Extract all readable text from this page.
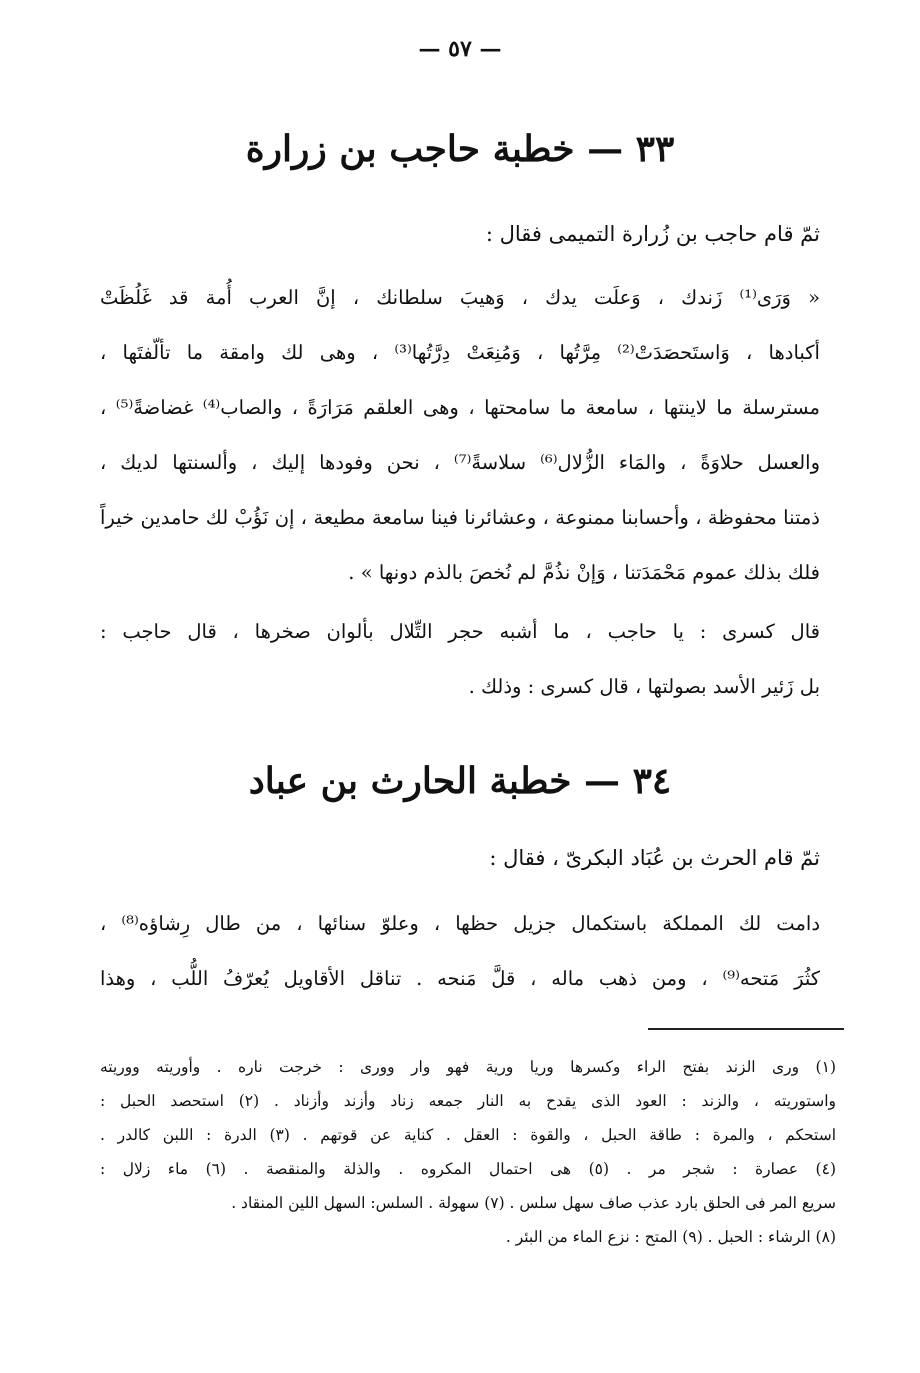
— ٥٧ —
٣٣ — خطبة حاجب بن زرارة
ثمّ قام حاجب بن زُرارة التميمى فقال :
« وَرَى⁽¹⁾ زَندك ، وَعلَت يدك ، وَهيبَ سلطانك ، إنَّ العرب أُمة قد غَلُظَتْ
أكبادها ، وَاستَحصَدَتْ⁽²⁾ مِرَّتُها ، وَمُنِعَتْ دِرَّتُها⁽³⁾ ، وهى لك وامقة ما تألّفتَها ،
مسترسلة ما لاينتها ، سامعة ما سامحتها ، وهى العلقم مَرَارَةً ، والصاب⁽⁴⁾ غضاضةً⁽⁵⁾ ،
والعسل حلاوَةً ، والمَاء الزُّلال⁽⁶⁾ سلاسةً⁽⁷⁾ ، نحن وفودها إليك ، وألسنتها لديك ،
ذمتنا محفوظة ، وأحسابنا ممنوعة ، وعشائرنا فينا سامعة مطيعة ، إن نَؤُبْ لك حامدين خيراً
فلك بذلك عموم مَحْمَدَتنا ، وَإنْ نذُمَّ لم نُخصَ بالذم دونها » .
قال كسرى : يا حاجب ، ما أشبه حجر التِّلال بألوان صخرها ، قال حاجب :
بل زَئير الأسد بصولتها ، قال كسرى : وذلك .
٣٤ — خطبة الحارث بن عباد
ثمّ قام الحرث بن عُبَاد البكرىّ ، فقال :
دامت لك المملكة باستكمال جزيل حظها ، وعلوّ سنائها ، من طال رِشاؤه⁽⁸⁾ ،
كثُرَ مَتحه⁽⁹⁾ ، ومن ذهب ماله ، قلَّ مَنحه . تناقل الأقاويل يُعرّفُ اللُّب ، وهذا
(١) ورى الزند بفتح الراء وكسرها وريا ورية فهو وار وورى : خرجت ناره . وأوريته ووريته
واستوريته ، والزند : العود الذى يقدح به النار جمعه زناد وأزند وأزناد . (٢) استحصد الحبل :
استحكم ، والمرة : طاقة الحبل ، والقوة : العقل . كناية عن قوتهم . (٣) الدرة : اللبن كالدر .
(٤) عصارة : شجر مر . (٥) هى احتمال المكروه . والذلة والمنقصة . (٦) ماء زلال :
سريع المر فى الحلق بارد عذب صاف سهل سلس . (٧) سهولة . السلس: السهل اللين المنقاد .
(٨) الرشاء : الحبل . (٩) المتح : نزع الماء من البئر .
